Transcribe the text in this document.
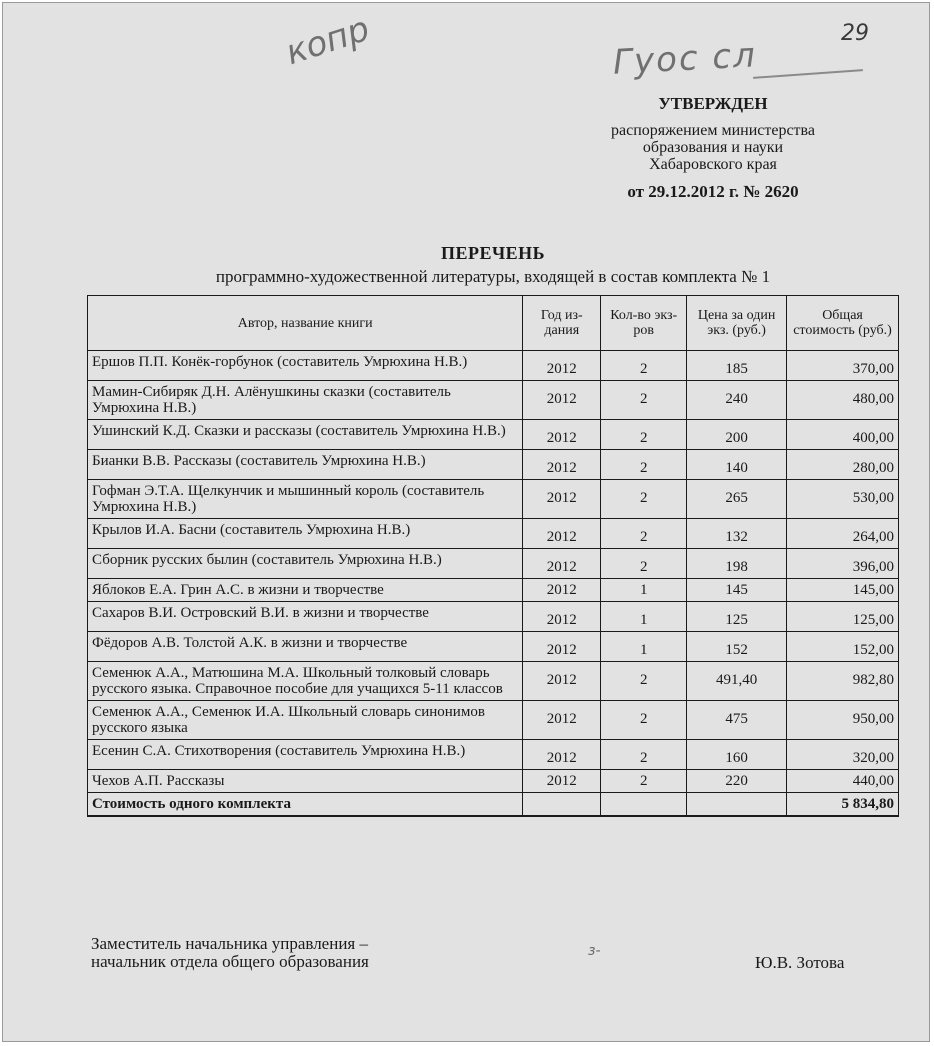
29
копр	Гуос сл
УТВЕРЖДЕН
распоряжением министерства
образования и науки
Хабаровского края
от 29.12.2012 г. № 2620
ПЕРЕЧЕНЬ
программно-художественной литературы, входящей в состав комплекта № 1
Автор, название книги	Год из-дания	Кол-во экз-ров	Цена за один экз. (руб.)	Общая стоимость (руб.)
Ершов П.П. Конёк-горбунок (составитель Умрюхина Н.В.)	2012	2	185	370,00
Мамин-Сибиряк Д.Н. Алёнушкины сказки (составитель Умрюхина Н.В.)	2012	2	240	480,00
Ушинский К.Д. Сказки и рассказы (составитель Умрюхина Н.В.)	2012	2	200	400,00
Бианки В.В. Рассказы (составитель Умрюхина Н.В.)	2012	2	140	280,00
Гофман Э.Т.А. Щелкунчик и мышинный король (составитель Умрюхина Н.В.)	2012	2	265	530,00
Крылов И.А. Басни (составитель Умрюхина Н.В.)	2012	2	132	264,00
Сборник русских былин (составитель Умрюхина Н.В.)	2012	2	198	396,00
Яблоков Е.А. Грин А.С. в жизни и творчестве	2012	1	145	145,00
Сахаров В.И. Островский В.И. в жизни и творчестве	2012	1	125	125,00
Фёдоров А.В. Толстой А.К. в жизни и творчестве	2012	1	152	152,00
Семенюк А.А., Матюшина М.А. Школьный толковый словарь русского языка. Справочное пособие для учащихся 5-11 классов	2012	2	491,40	982,80
Семенюк А.А., Семенюк И.А. Школьный словарь синонимов русского языка	2012	2	475	950,00
Есенин С.А. Стихотворения (составитель Умрюхина Н.В.)	2012	2	160	320,00
Чехов А.П. Рассказы	2012	2	220	440,00
Стоимость одного комплекта				5 834,80
Заместитель начальника управления –
начальник отдела общего образования
з-
Ю.В. Зотова
